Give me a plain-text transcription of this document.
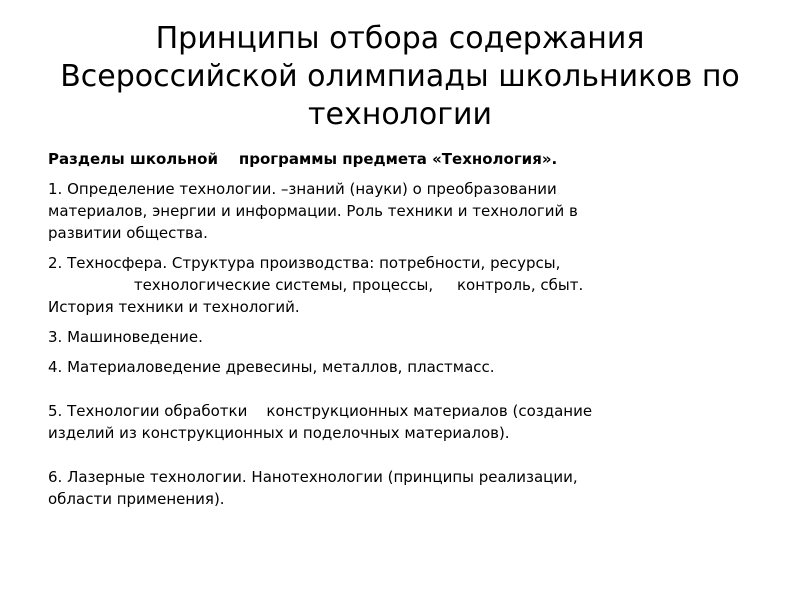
Принципы отбора содержания
Всероссийской олимпиады школьников по
технологии
Разделы школьной    программы предмета «Технология».
1. Определение технологии. –знаний (науки) о преобразовании
материалов, энергии и информации. Роль техники и технологий в
развитии общества.
2. Техносфера. Структура производства: потребности, ресурсы,
технологические системы, процессы,     контроль, сбыт.
История техники и технологий.
3. Машиноведение.
4. Материаловедение древесины, металлов, пластмасс.
5. Технологии обработки    конструкционных материалов (создание
изделий из конструкционных и поделочных материалов).
6. Лазерные технологии. Нанотехнологии (принципы реализации,
области применения).
